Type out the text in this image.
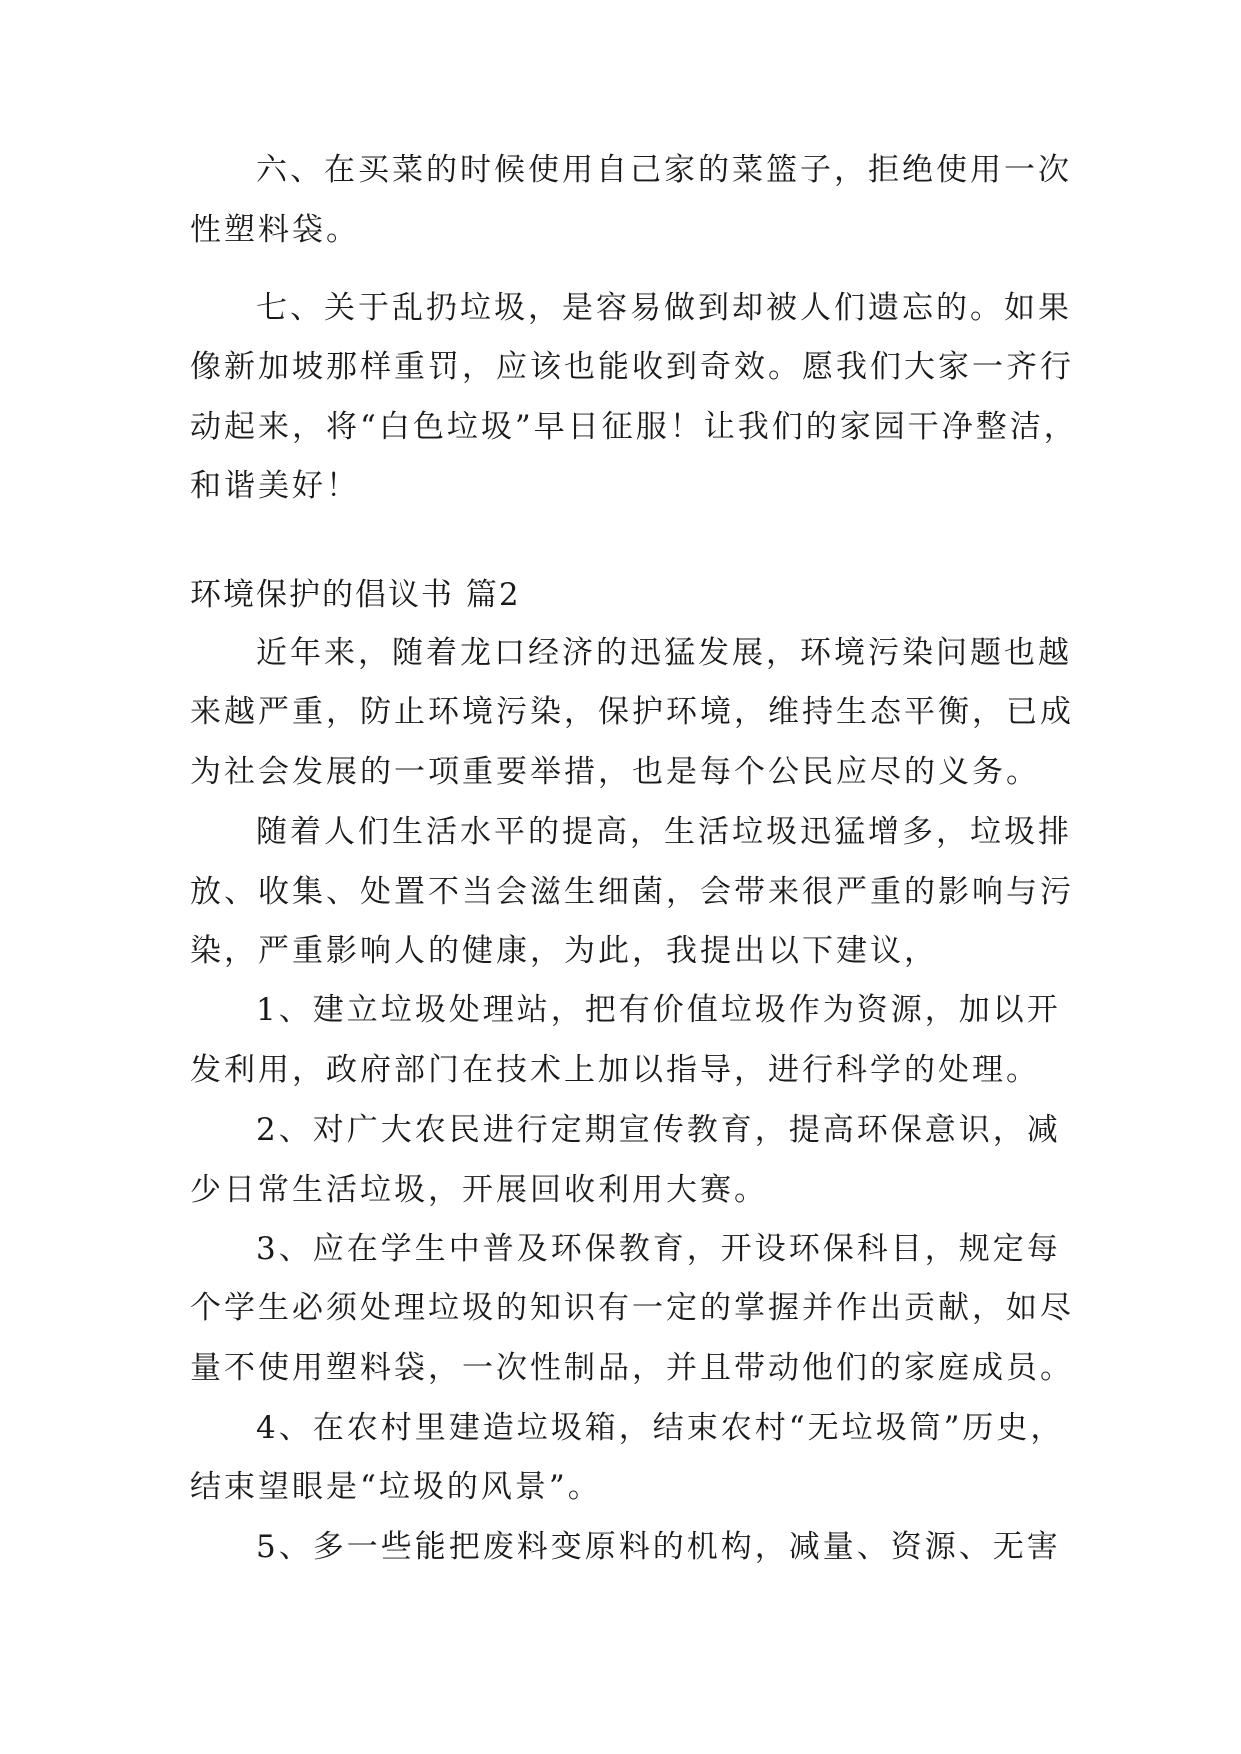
六、在买菜的时候使用自己家的菜篮子，拒绝使用一次
性塑料袋。
七、关于乱扔垃圾，是容易做到却被人们遗忘的。如果
像新加坡那样重罚，应该也能收到奇效。愿我们大家一齐行
动起来，将“白色垃圾”早日征服！让我们的家园干净整洁，
和谐美好！
环境保护的倡议书 篇2
近年来，随着龙口经济的迅猛发展，环境污染问题也越
来越严重，防止环境污染，保护环境，维持生态平衡，已成
为社会发展的一项重要举措，也是每个公民应尽的义务。
随着人们生活水平的提高，生活垃圾迅猛增多，垃圾排
放、收集、处置不当会滋生细菌，会带来很严重的影响与污
染，严重影响人的健康，为此，我提出以下建议，
1、建立垃圾处理站，把有价值垃圾作为资源，加以开
发利用，政府部门在技术上加以指导，进行科学的处理。
2、对广大农民进行定期宣传教育，提高环保意识，减
少日常生活垃圾，开展回收利用大赛。
3、应在学生中普及环保教育，开设环保科目，规定每
个学生必须处理垃圾的知识有一定的掌握并作出贡献，如尽
量不使用塑料袋，一次性制品，并且带动他们的家庭成员。
4、在农村里建造垃圾箱，结束农村“无垃圾筒”历史，
结束望眼是“垃圾的风景”。
5、多一些能把废料变原料的机构，减量、资源、无害
